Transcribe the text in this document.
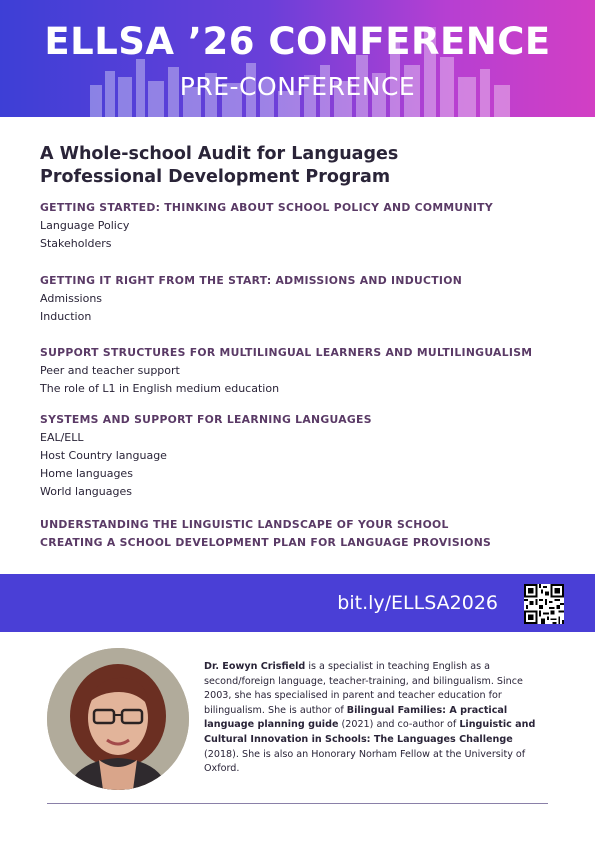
ELLSA ’26 CONFERENCE
PRE-CONFERENCE
A Whole-school Audit for Languages
Professional Development Program
GETTING STARTED: THINKING ABOUT SCHOOL POLICY AND COMMUNITY
Language Policy
Stakeholders
GETTING IT RIGHT FROM THE START: ADMISSIONS AND INDUCTION
Admissions
Induction
SUPPORT STRUCTURES FOR MULTILINGUAL LEARNERS AND MULTILINGUALISM
Peer and teacher support
The role of L1 in English medium education
SYSTEMS AND SUPPORT FOR LEARNING LANGUAGES
EAL/ELL
Host Country language
Home languages
World languages
UNDERSTANDING THE LINGUISTIC LANDSCAPE OF YOUR SCHOOL
CREATING A SCHOOL DEVELOPMENT PLAN FOR LANGUAGE PROVISIONS
bit.ly/ELLSA2026
Dr. Eowyn Crisfield is a specialist in teaching English as a second/foreign language, teacher-training, and bilingualism. Since 2003, she has specialised in parent and teacher education for bilingualism. She is author of Bilingual Families: A practical language planning guide (2021) and co-author of Linguistic and Cultural Innovation in Schools: The Languages Challenge (2018). She is also an Honorary Norham Fellow at the University of Oxford.
